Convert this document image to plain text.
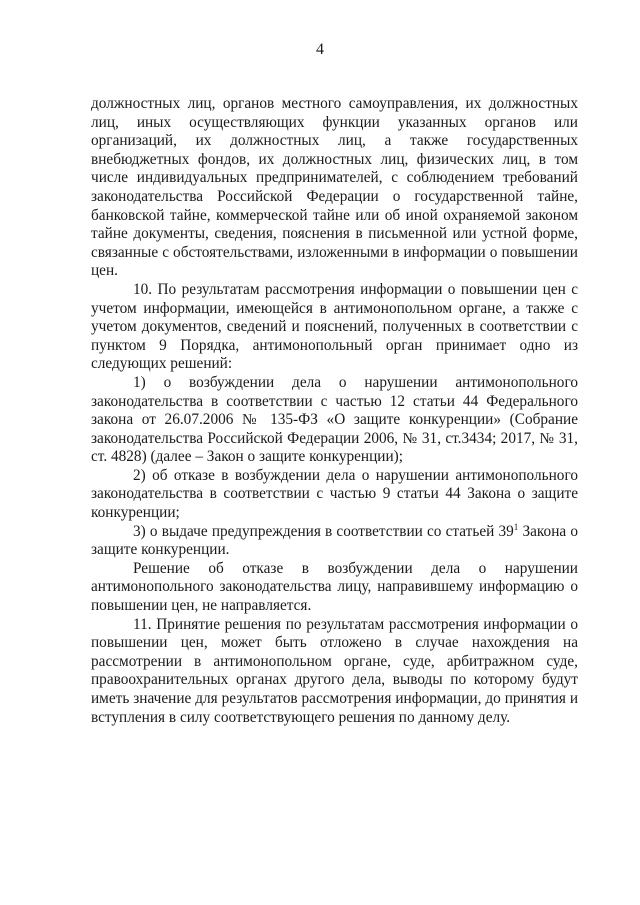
4

должностных лиц, органов местного самоуправления, их должностных лиц, иных осуществляющих функции указанных органов или организаций, их должностных лиц, а также государственных внебюджетных фондов, их должностных лиц, физических лиц, в том числе индивидуальных предпринимателей, с соблюдением требований законодательства Российской Федерации о государственной тайне, банковской тайне, коммерческой тайне или об иной охраняемой законом тайне документы, сведения, пояснения в письменной или устной форме, связанные с обстоятельствами, изложенными в информации о повышении цен.

10. По результатам рассмотрения информации о повышении цен с учетом информации, имеющейся в антимонопольном органе, а также с учетом документов, сведений и пояснений, полученных в соответствии с пунктом 9 Порядка, антимонопольный орган принимает одно из следующих решений:

1) о возбуждении дела о нарушении антимонопольного законодательства в соответствии с частью 12 статьи 44 Федерального закона от 26.07.2006 № 135-ФЗ «О защите конкуренции» (Собрание законодательства Российской Федерации 2006, № 31, ст.3434; 2017, № 31, ст. 4828) (далее – Закон о защите конкуренции);

2) об отказе в возбуждении дела о нарушении антимонопольного законодательства в соответствии с частью 9 статьи 44 Закона о защите конкуренции;

3) о выдаче предупреждения в соответствии со статьей $39^1$ Закона о защите конкуренции.

Решение об отказе в возбуждении дела о нарушении антимонопольного законодательства лицу, направившему информацию о повышении цен, не направляется.

11. Принятие решения по результатам рассмотрения информации о повышении цен, может быть отложено в случае нахождения на рассмотрении в антимонопольном органе, суде, арбитражном суде, правоохранительных органах другого дела, выводы по которому будут иметь значение для результатов рассмотрения информации, до принятия и вступления в силу соответствующего решения по данному делу.
